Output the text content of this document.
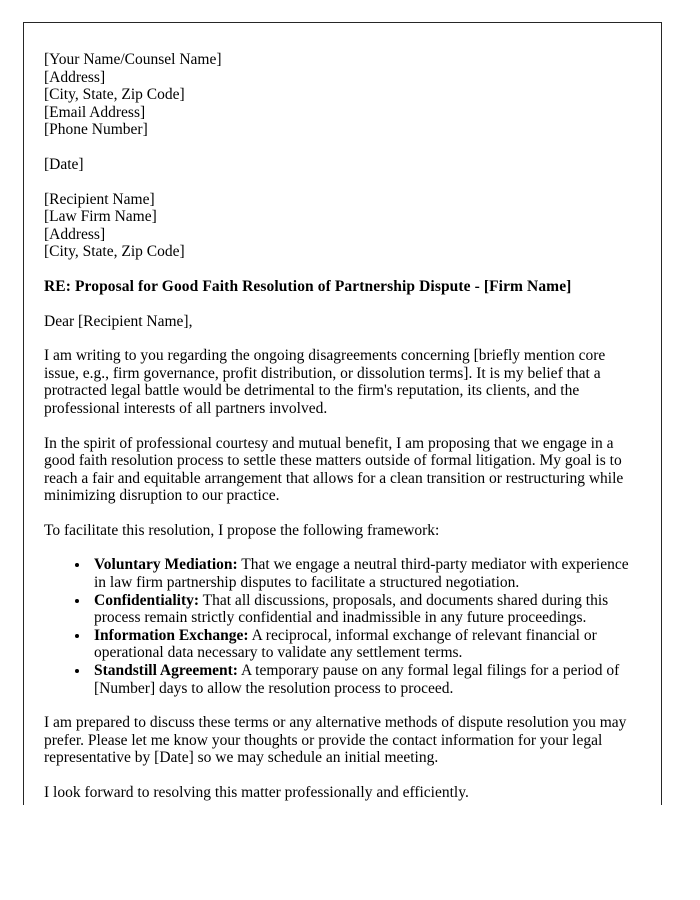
[Your Name/Counsel Name]
[Address]
[City, State, Zip Code]
[Email Address]
[Phone Number]
[Date]
[Recipient Name]
[Law Firm Name]
[Address]
[City, State, Zip Code]
RE: Proposal for Good Faith Resolution of Partnership Dispute - [Firm Name]
Dear [Recipient Name],

I am writing to you regarding the ongoing disagreements concerning [briefly mention core issue, e.g., firm governance, profit distribution, or dissolution terms]. It is my belief that a protracted legal battle would be detrimental to the firm's reputation, its clients, and the professional interests of all partners involved.

In the spirit of professional courtesy and mutual benefit, I am proposing that we engage in a good faith resolution process to settle these matters outside of formal litigation. My goal is to reach a fair and equitable arrangement that allows for a clean transition or restructuring while minimizing disruption to our practice.

To facilitate this resolution, I propose the following framework:

• Voluntary Mediation: That we engage a neutral third-party mediator with experience in law firm partnership disputes to facilitate a structured negotiation.
• Confidentiality: That all discussions, proposals, and documents shared during this process remain strictly confidential and inadmissible in any future proceedings.
• Information Exchange: A reciprocal, informal exchange of relevant financial or operational data necessary to validate any settlement terms.
• Standstill Agreement: A temporary pause on any formal legal filings for a period of [Number] days to allow the resolution process to proceed.

I am prepared to discuss these terms or any alternative methods of dispute resolution you may prefer. Please let me know your thoughts or provide the contact information for your legal representative by [Date] so we may schedule an initial meeting.

I look forward to resolving this matter professionally and efficiently.
